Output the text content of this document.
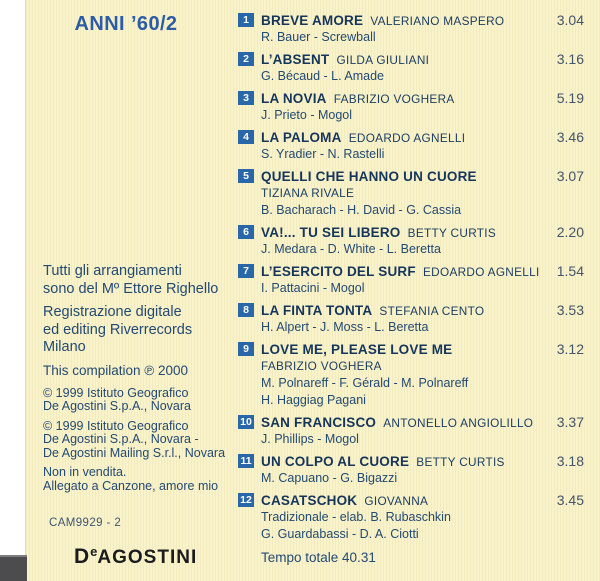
ANNI ’60/2

Tutti gli arrangiamenti
sono del Mº Ettore Righello

Registrazione digitale
ed editing Riverrecords
Milano

This compilation ℗ 2000

© 1999 Istituto Geografico
De Agostini S.p.A., Novara

© 1999 Istituto Geografico
De Agostini S.p.A., Novara -
De Agostini Mailing S.r.l., Novara

Non in vendita.
Allegato a Canzone, amore mio

CAM9929 - 2
DeAGOSTINI
1 BREVE AMORE  VALERIANO MASPERO	3.04
R. Bauer - Screwball
2 L’ABSENT  GILDA GIULIANI	3.16
G. Bécaud - L. Amade
3 LA NOVIA  FABRIZIO VOGHERA	5.19
J. Prieto - Mogol
4 LA PALOMA  EDOARDO AGNELLI	3.46
S. Yradier - N. Rastelli
5 QUELLI CHE HANNO UN CUORE	3.07
TIZIANA RIVALE
B. Bacharach - H. David - G. Cassia
6 VA!... TU SEI LIBERO  BETTY CURTIS	2.20
J. Medara - D. White - L. Beretta
7 L’ESERCITO DEL SURF  EDOARDO AGNELLI	1.54
I. Pattacini - Mogol
8 LA FINTA TONTA  STEFANIA CENTO	3.53
H. Alpert - J. Moss - L. Beretta
9 LOVE ME, PLEASE LOVE ME	3.12
FABRIZIO VOGHERA
M. Polnareff - F. Gérald - M. Polnareff
H. Haggiag Pagani
10 SAN FRANCISCO  ANTONELLO ANGIOLILLO	3.37
J. Phillips - Mogol
11 UN COLPO AL CUORE  BETTY CURTIS	3.18
M. Capuano - G. Bigazzi
12 CASATSCHOK  GIOVANNA	3.45
Tradizionale - elab. B. Rubaschkin
G. Guardabassi - D. A. Ciotti
Tempo totale 40.31
